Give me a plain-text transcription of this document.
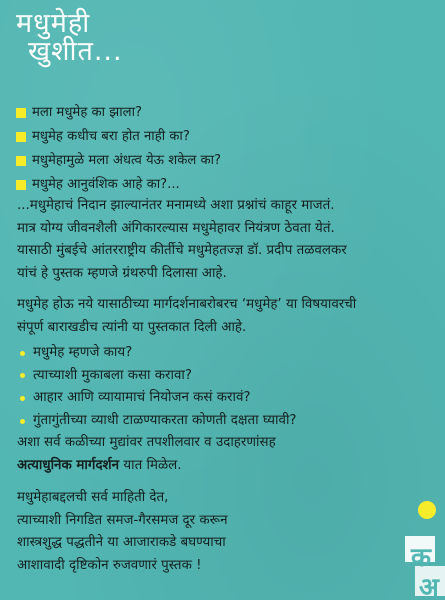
मधुमेही
खुशीत...
मला मधुमेह का झाला?
मधुमेह कधीच बरा होत नाही का?
मधुमेहामुळे मला अंधत्व येऊ शकेल का?
मधुमेह आनुवंशिक आहे का?...

...मधुमेहाचं निदान झाल्यानंतर मनामध्ये अशा प्रश्नांचं काहूर माजतं.
मात्र योग्य जीवनशैली अंगिकारल्यास मधुमेहावर नियंत्रण ठेवता येतं.
यासाठी मुंबईचे आंतरराष्ट्रीय कीर्तीचे मधुमेहतज्ज्ञ डॉ. प्रदीप तळवलकर
यांचं हे पुस्तक म्हणजे ग्रंथरुपी दिलासा आहे.

मधुमेह होऊ नये यासाठीच्या मार्गदर्शनाबरोबरच ‘मधुमेह’ या विषयावरची
संपूर्ण बाराखडीच त्यांनी या पुस्तकात दिली आहे.

मधुमेह म्हणजे काय?
त्याच्याशी मुकाबला कसा करावा?
आहार आणि व्यायामाचं नियोजन कसं करावं?
गुंतागुंतीच्या व्याधी टाळण्याकरता कोणती दक्षता घ्यावी?

अशा सर्व कळीच्या मुद्यांवर तपशीलवार व उदाहरणांसह
अत्याधुनिक मार्गदर्शन यात मिळेल.

मधुमेहाबद्दलची सर्व माहिती देत,
त्याच्याशी निगडित समज-गैरसमज दूर करून
शास्त्रशुद्ध पद्धतीने या आजाराकडे बघण्याचा
आशावादी दृष्टिकोन रुजवणारं पुस्तक !	क
अ
